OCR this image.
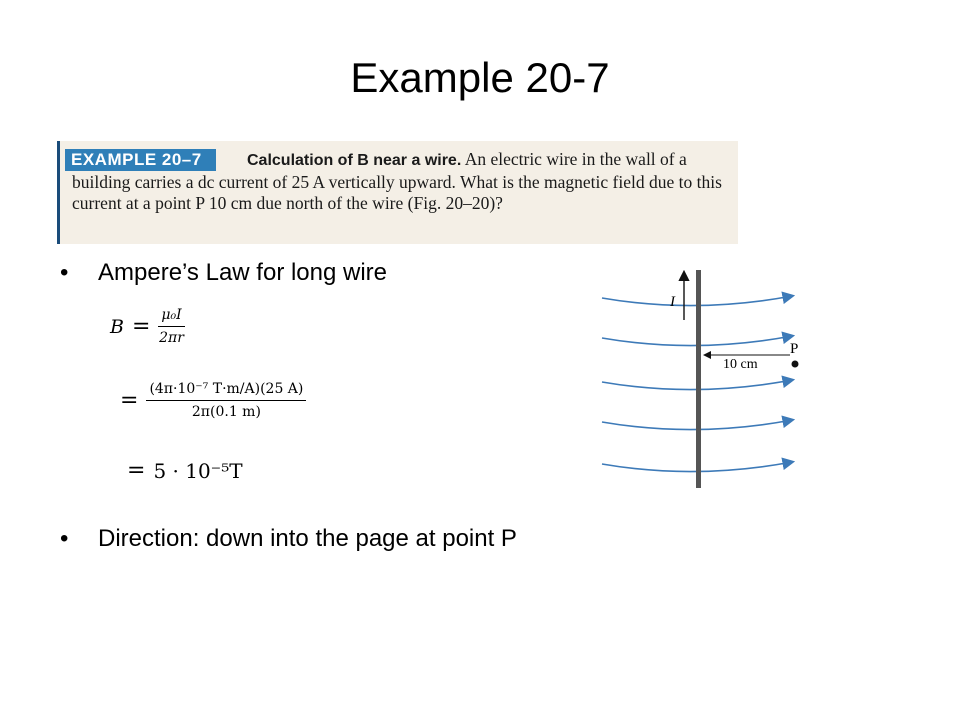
Example 20-7
EXAMPLE 20–7	Calculation of B near a wire. An electric wire in the wall of a building carries a dc current of 25 A vertically upward. What is the magnetic field due to this current at a point P 10 cm due north of the wire (Fig. 20–20)?
• Ampere’s Law for long wire
$B = \frac{\text{μ₀I}}{2\pi r}$
= $\frac{\text{(4π·10⁻⁷ T·m/A)(25 A)}}{2\pi(0.1 m)}$
= 5 · 10⁻⁵T
• Direction: down into the page at point P
I
10 cm
P
